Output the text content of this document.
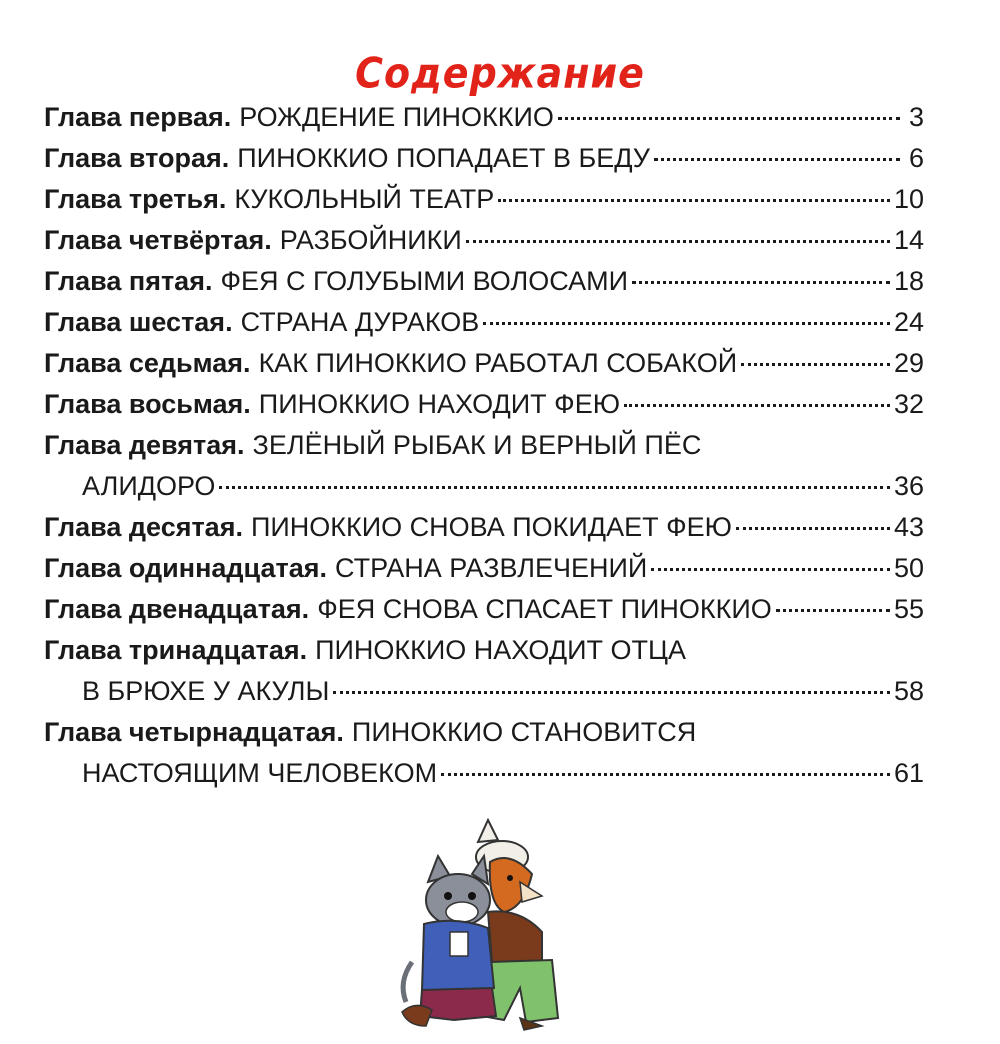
Содержание
Глава первая. РОЖДЕНИЕ ПИНОККИО	3
Глава вторая. ПИНОККИО ПОПАДАЕТ В БЕДУ	6
Глава третья. КУКОЛЬНЫЙ ТЕАТР	10
Глава четвёртая. РАЗБОЙНИКИ	14
Глава пятая. ФЕЯ С ГОЛУБЫМИ ВОЛОСАМИ	18
Глава шестая. СТРАНА ДУРАКОВ	24
Глава седьмая. КАК ПИНОККИО РАБОТАЛ СОБАКОЙ	29
Глава восьмая. ПИНОККИО НАХОДИТ ФЕЮ	32
Глава девятая. ЗЕЛЁНЫЙ РЫБАК И ВЕРНЫЙ ПЁС
АЛИДОРО	36
Глава десятая. ПИНОККИО СНОВА ПОКИДАЕТ ФЕЮ	43
Глава одиннадцатая. СТРАНА РАЗВЛЕЧЕНИЙ	50
Глава двенадцатая. ФЕЯ СНОВА СПАСАЕТ ПИНОККИО	55
Глава тринадцатая. ПИНОККИО НАХОДИТ ОТЦА
В БРЮХЕ У АКУЛЫ	58
Глава четырнадцатая. ПИНОККИО СТАНОВИТСЯ
НАСТОЯЩИМ ЧЕЛОВЕКОМ	61
